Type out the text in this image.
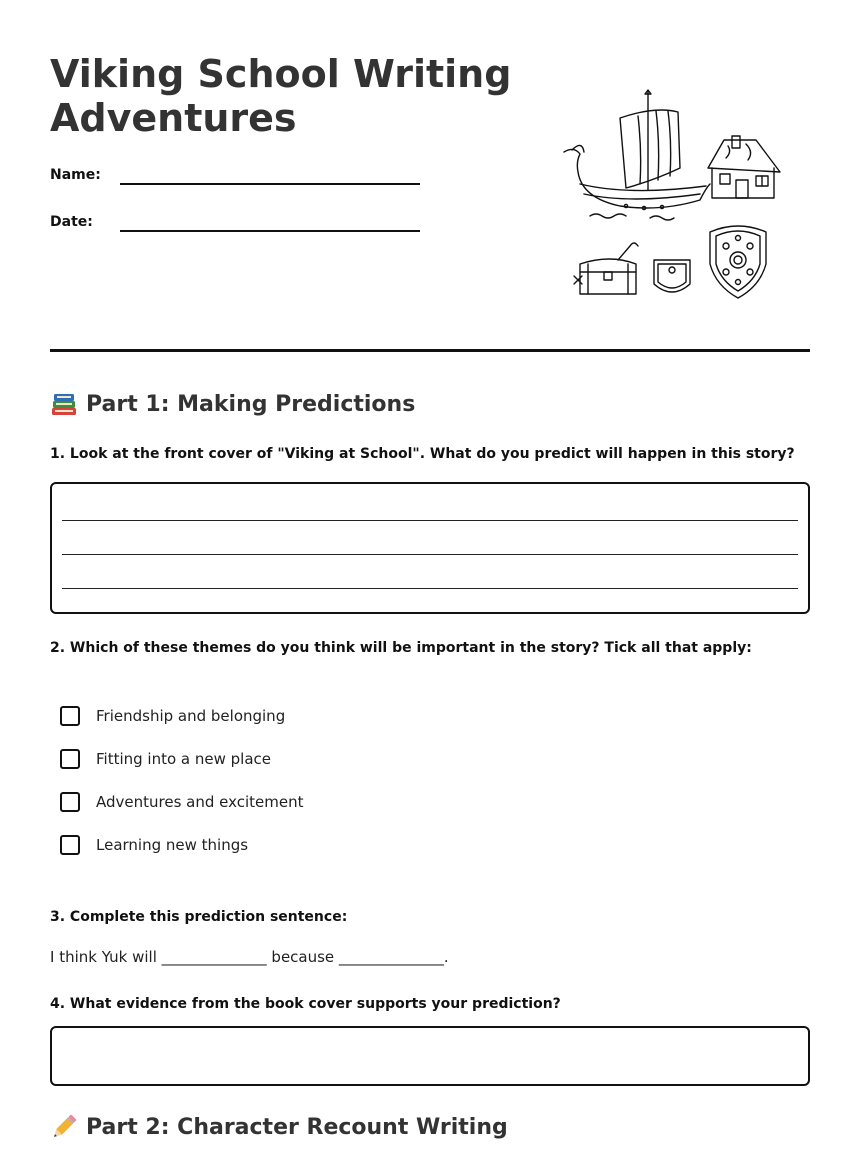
Viking School Writing Adventures
Name:
Date:
Part 1: Making Predictions

1. Look at the front cover of "Viking at School". What do you predict will happen in this story?

2. Which of these themes do you think will be important in the story? Tick all that apply:

Friendship and belonging
Fitting into a new place
Adventures and excitement
Learning new things

3. Complete this prediction sentence:

I think Yuk will ______________ because ______________.

4. What evidence from the book cover supports your prediction?

Part 2: Character Recount Writing
